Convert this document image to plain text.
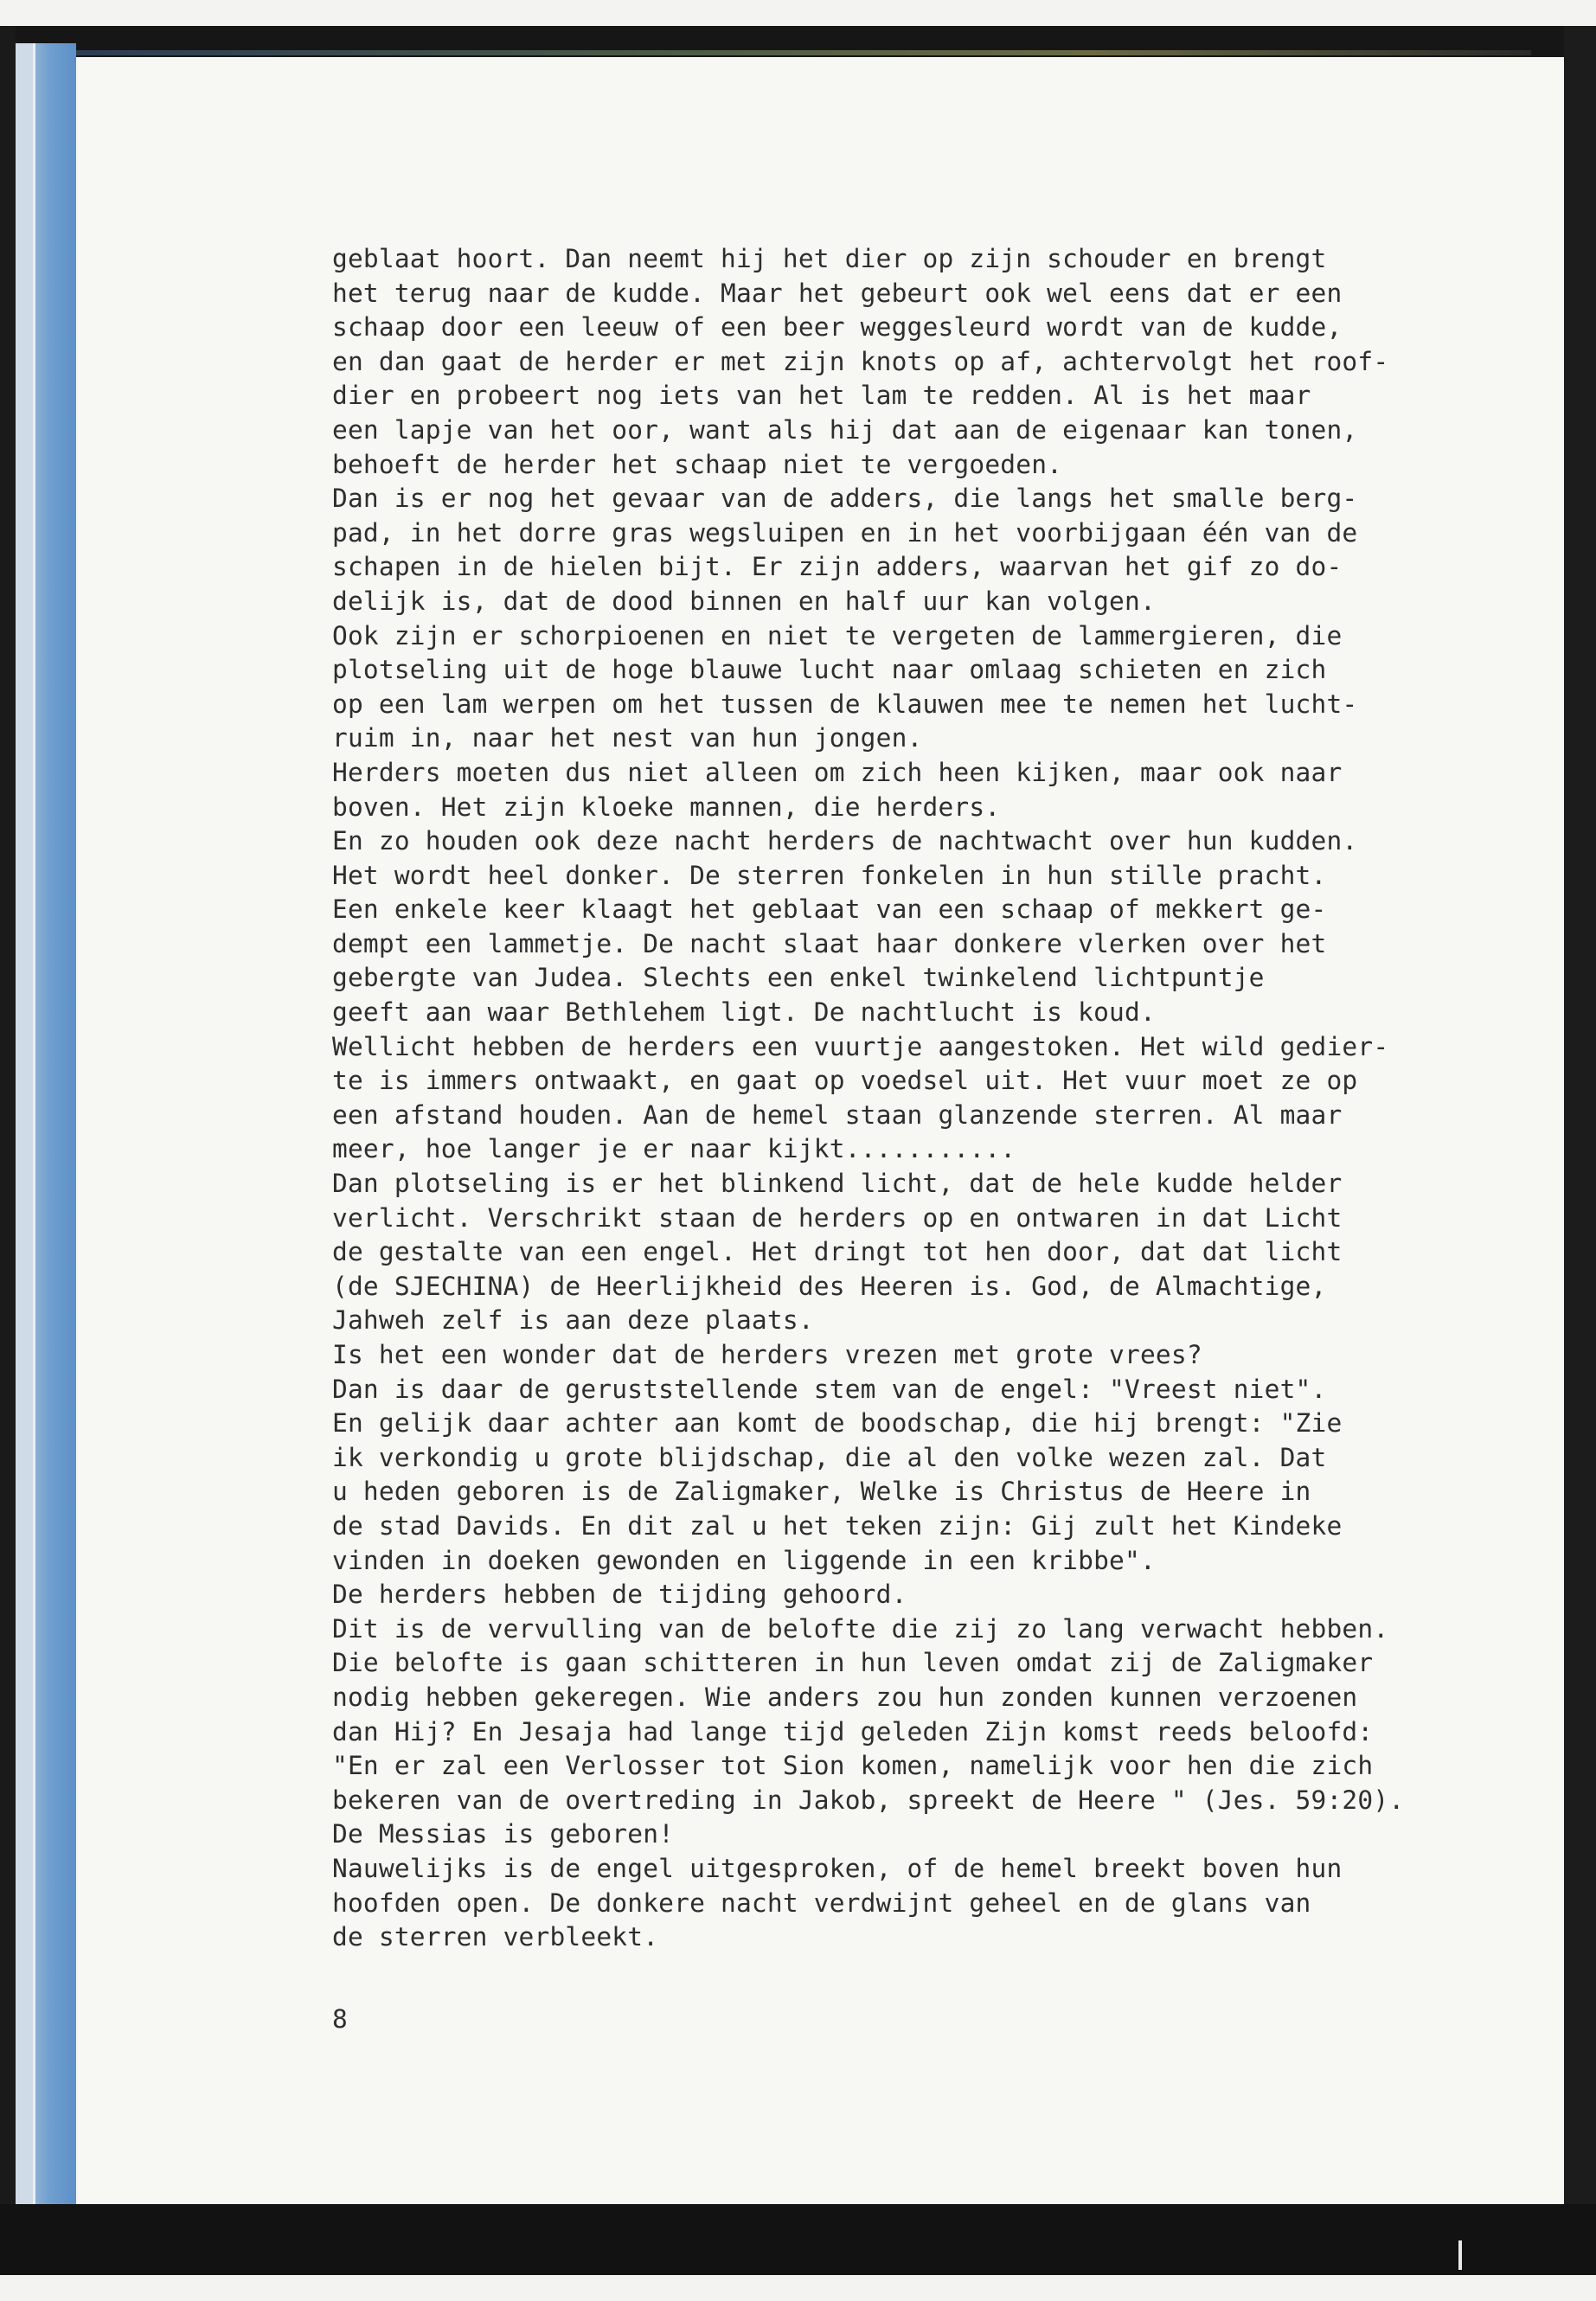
geblaat hoort. Dan neemt hij het dier op zijn schouder en brengt
het terug naar de kudde. Maar het gebeurt ook wel eens dat er een
schaap door een leeuw of een beer weggesleurd wordt van de kudde,
en dan gaat de herder er met zijn knots op af, achtervolgt het roof-
dier en probeert nog iets van het lam te redden. Al is het maar
een lapje van het oor, want als hij dat aan de eigenaar kan tonen,
behoeft de herder het schaap niet te vergoeden.
Dan is er nog het gevaar van de adders, die langs het smalle berg-
pad, in het dorre gras wegsluipen en in het voorbijgaan één van de
schapen in de hielen bijt. Er zijn adders, waarvan het gif zo do-
delijk is, dat de dood binnen en half uur kan volgen.
Ook zijn er schorpioenen en niet te vergeten de lammergieren, die
plotseling uit de hoge blauwe lucht naar omlaag schieten en zich
op een lam werpen om het tussen de klauwen mee te nemen het lucht-
ruim in, naar het nest van hun jongen.
Herders moeten dus niet alleen om zich heen kijken, maar ook naar
boven. Het zijn kloeke mannen, die herders.
En zo houden ook deze nacht herders de nachtwacht over hun kudden.
Het wordt heel donker. De sterren fonkelen in hun stille pracht.
Een enkele keer klaagt het geblaat van een schaap of mekkert ge-
dempt een lammetje. De nacht slaat haar donkere vlerken over het
gebergte van Judea. Slechts een enkel twinkelend lichtpuntje
geeft aan waar Bethlehem ligt. De nachtlucht is koud.
Wellicht hebben de herders een vuurtje aangestoken. Het wild gedier-
te is immers ontwaakt, en gaat op voedsel uit. Het vuur moet ze op
een afstand houden. Aan de hemel staan glanzende sterren. Al maar
meer, hoe langer je er naar kijkt...........
Dan plotseling is er het blinkend licht, dat de hele kudde helder
verlicht. Verschrikt staan de herders op en ontwaren in dat Licht
de gestalte van een engel. Het dringt tot hen door, dat dat licht
(de SJECHINA) de Heerlijkheid des Heeren is. God, de Almachtige,
Jahweh zelf is aan deze plaats.
Is het een wonder dat de herders vrezen met grote vrees?
Dan is daar de geruststellende stem van de engel: "Vreest niet".
En gelijk daar achter aan komt de boodschap, die hij brengt: "Zie
ik verkondig u grote blijdschap, die al den volke wezen zal. Dat
u heden geboren is de Zaligmaker, Welke is Christus de Heere in
de stad Davids. En dit zal u het teken zijn: Gij zult het Kindeke
vinden in doeken gewonden en liggende in een kribbe".
De herders hebben de tijding gehoord.
Dit is de vervulling van de belofte die zij zo lang verwacht hebben.
Die belofte is gaan schitteren in hun leven omdat zij de Zaligmaker
nodig hebben gekeregen. Wie anders zou hun zonden kunnen verzoenen
dan Hij? En Jesaja had lange tijd geleden Zijn komst reeds beloofd:
"En er zal een Verlosser tot Sion komen, namelijk voor hen die zich
bekeren van de overtreding in Jakob, spreekt de Heere " (Jes. 59:20).
De Messias is geboren!
Nauwelijks is de engel uitgesproken, of de hemel breekt boven hun
hoofden open. De donkere nacht verdwijnt geheel en de glans van
de sterren verbleekt.
8
